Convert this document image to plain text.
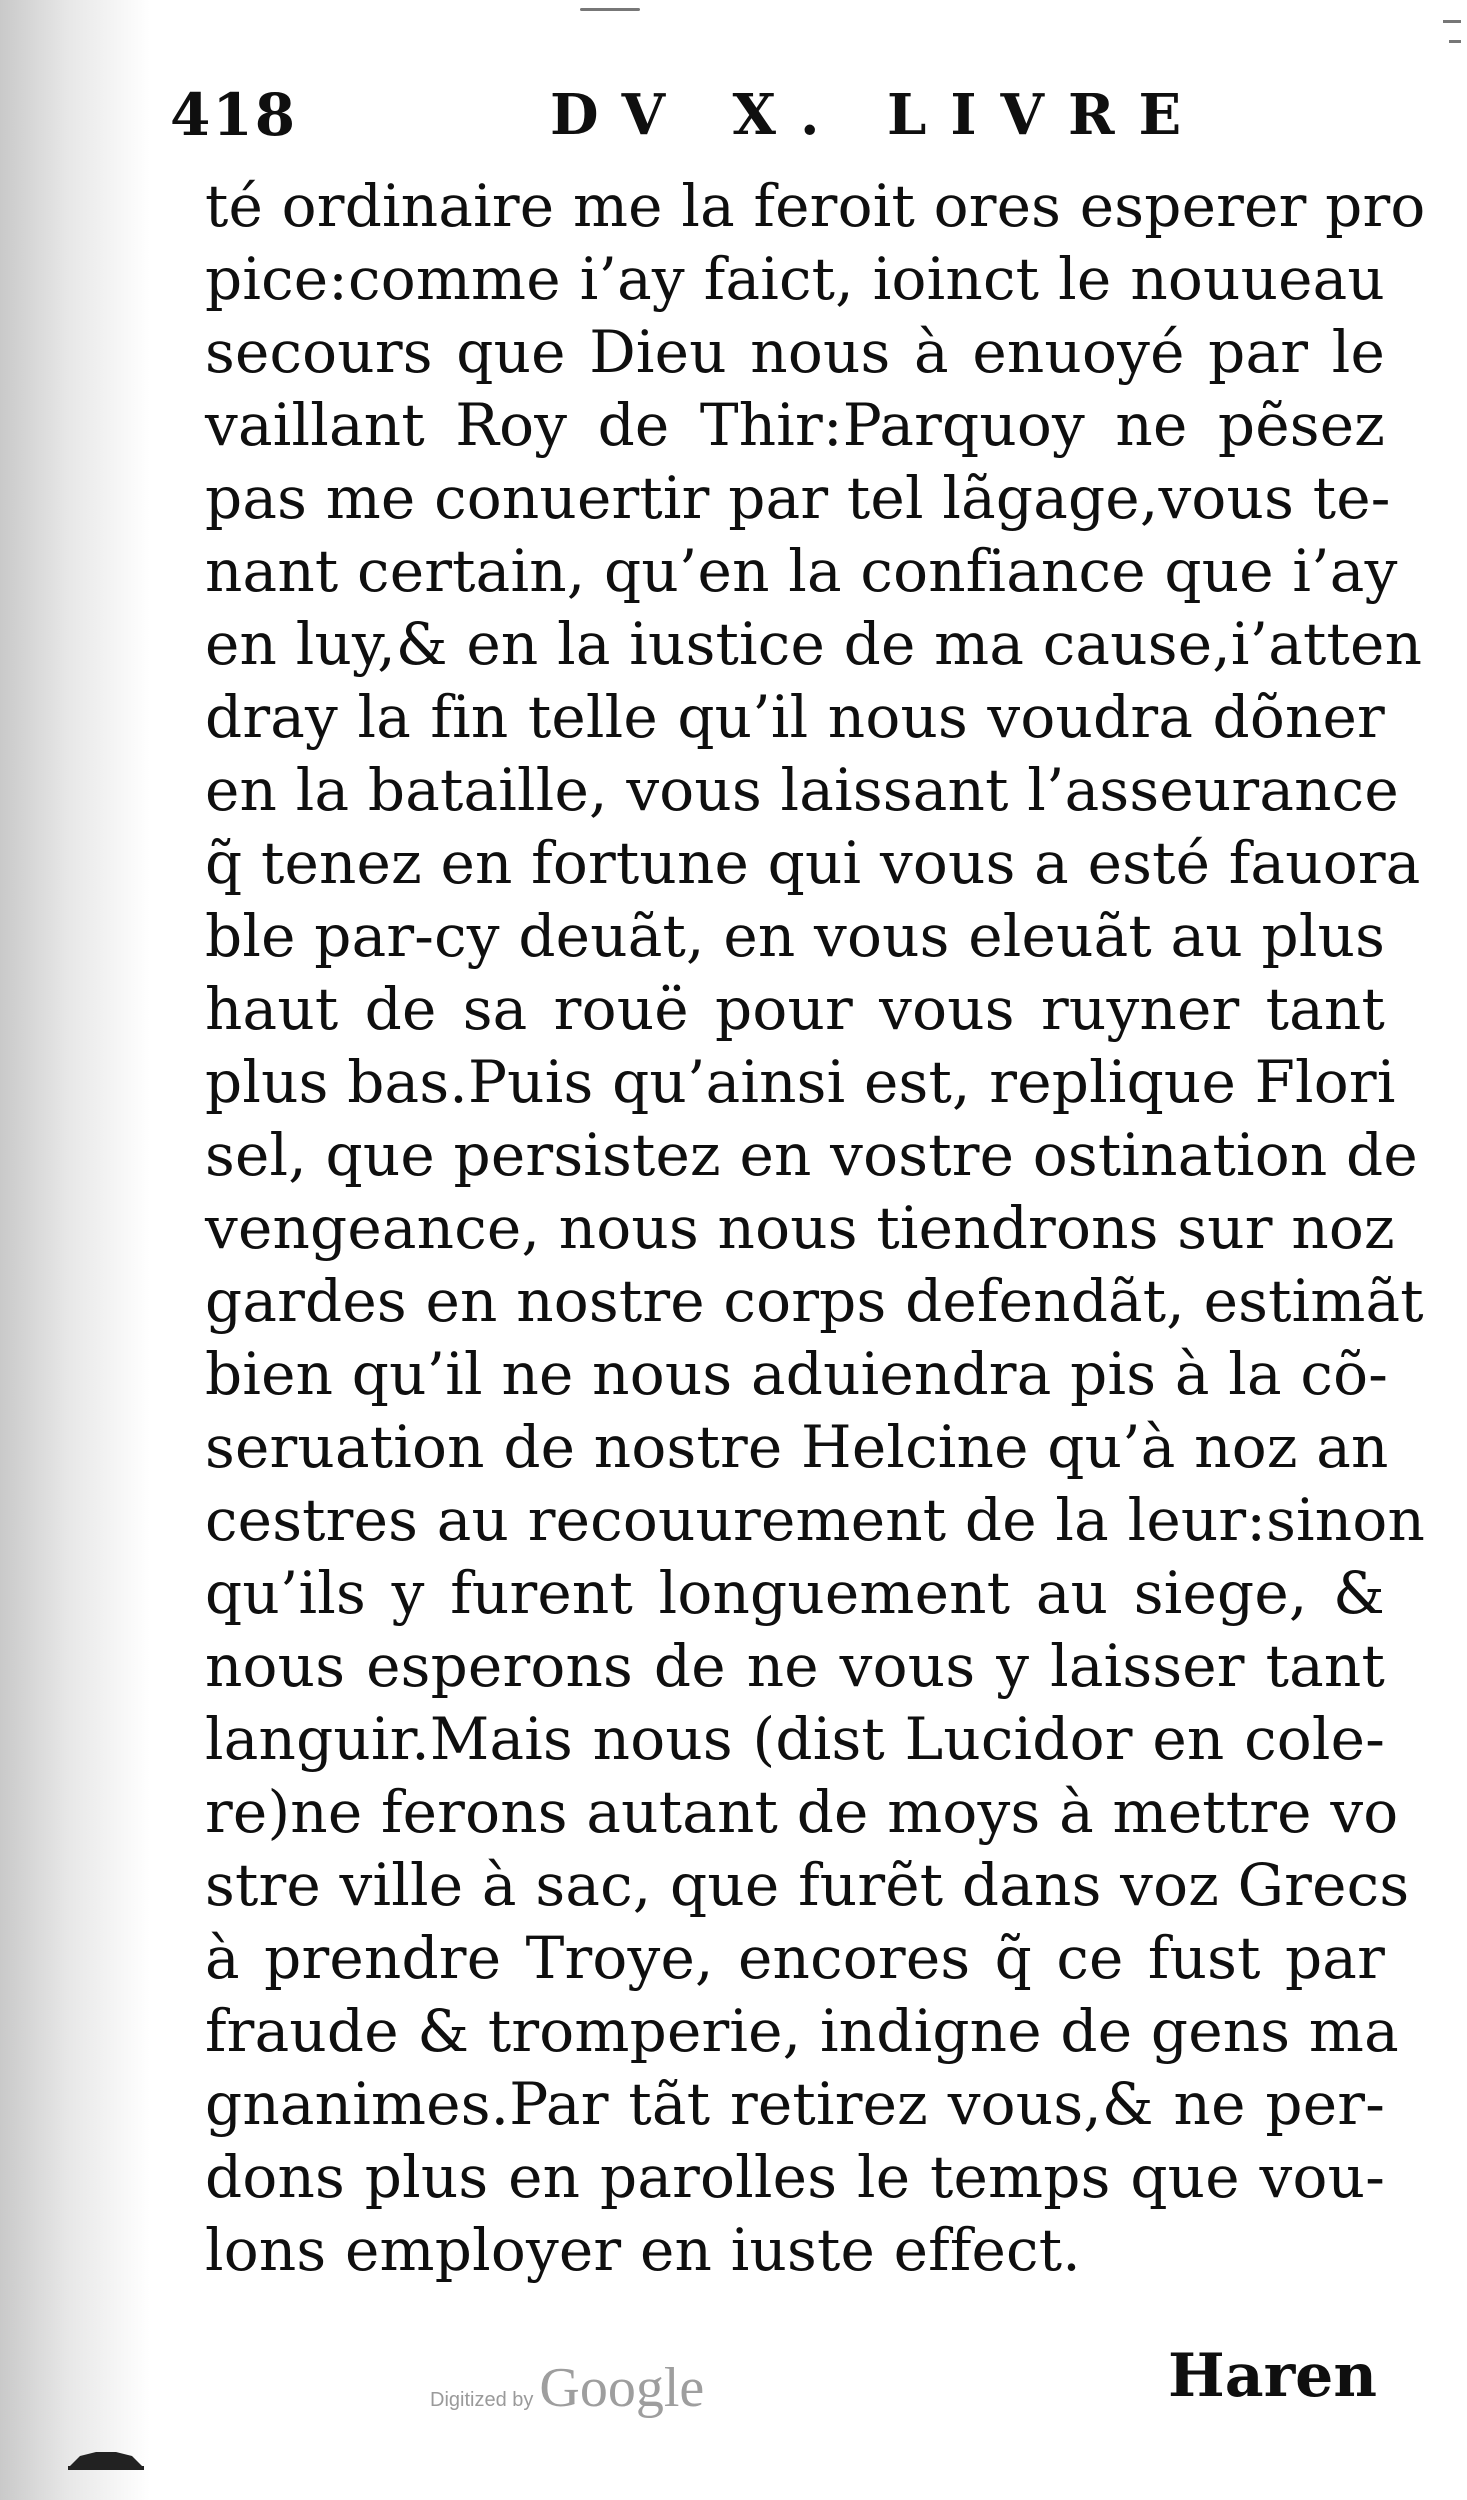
418	DV X. LIVRE
té ordinaire me la feroit ores esperer pro
pice:comme i’ay faict, ioinct le nouueau
secours que Dieu nous à enuoyé par le
vaillant Roy de Thir:Parquoy ne pẽsez
pas me conuertir par tel lãgage,vous te-
nant certain, qu’en la confiance que i’ay
en luy,& en la iustice de ma cause,i’atten
dray la fin telle qu’il nous voudra dõner
en la bataille, vous laissant l’asseurance
q̃ tenez en fortune qui vous a esté fauora
ble par-cy deuãt, en vous eleuãt au plus
haut de sa rouë pour vous ruyner tant
plus bas.Puis qu’ainsi est, replique Flori
sel, que persistez en vostre ostination de
vengeance, nous nous tiendrons sur noz
gardes en nostre corps defendãt, estimãt
bien qu’il ne nous aduiendra pis à la cõ-
seruation de nostre Helcine qu’à noz an
cestres au recouurement de la leur:sinon
qu’ils y furent longuement au siege, &
nous esperons de ne vous y laisser tant
languir.Mais nous (dist Lucidor en cole-
re)ne ferons autant de moys à mettre vo
stre ville à sac, que furẽt dans voz Grecs
à prendre Troye, encores q̃ ce fust par
fraude & tromperie, indigne de gens ma
gnanimes.Par tãt retirez vous,& ne per-
dons plus en parolles le temps que vou-
lons employer en iuste effect.
Digitized by Google	Haren
